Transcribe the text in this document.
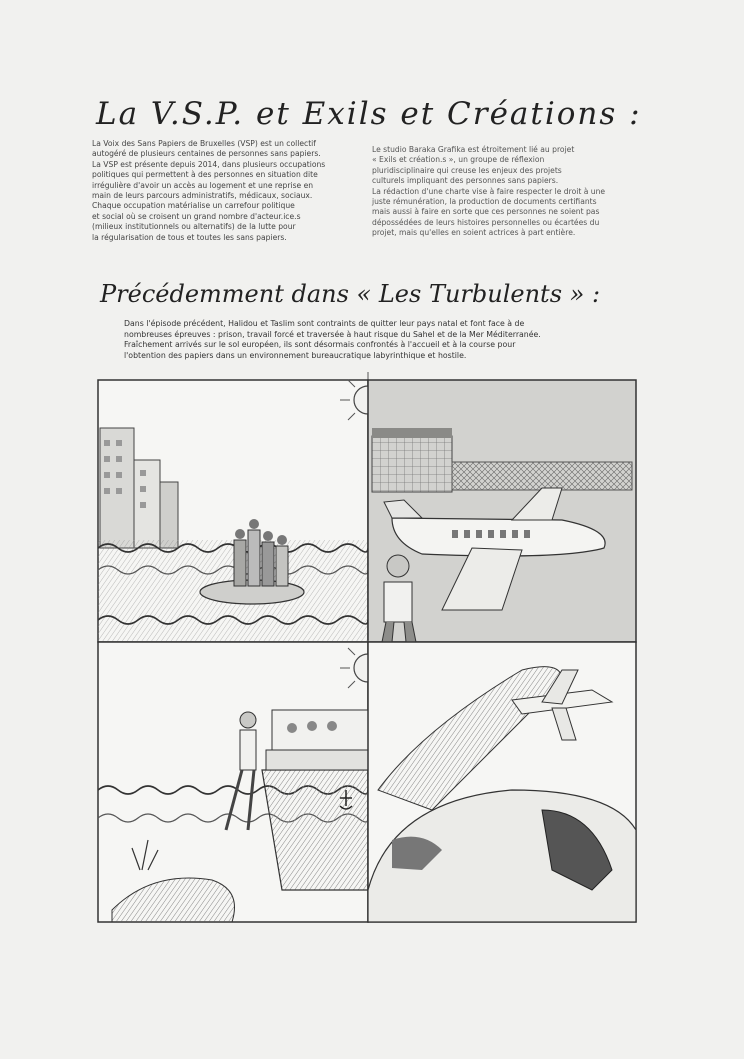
La V.S.P. et Exils et Créations :

La Voix des Sans Papiers de Bruxelles (VSP) est un collectif

autogéré de plusieurs centaines de personnes sans papiers.

La VSP est présente depuis 2014, dans plusieurs occupations

politiques qui permettent à des personnes en situation dite

irrégulière d'avoir un accès au logement et une reprise en

main de leurs parcours administratifs, médicaux, sociaux.

Chaque occupation matérialise un carrefour politique

et social où se croisent un grand nombre d'acteur.ice.s

(milieux institutionnels ou alternatifs) de la lutte pour

la régularisation de tous et toutes les sans papiers.

Le studio Baraka Grafika est étroitement lié au projet

« Exils et création.s », un groupe de réflexion

pluridisciplinaire qui creuse les enjeux des projets

culturels impliquant des personnes sans papiers.

La rédaction d'une charte vise à faire respecter le droit à une

juste rémunération, la production de documents certifiants

mais aussi à faire en sorte que ces personnes ne soient pas

dépossédées de leurs histoires personnelles ou écartées du

projet, mais qu'elles en soient actrices à part entière.

Précédemment dans « Les Turbulents » :

Dans l'épisode précédent, Halidou et Taslim sont contraints de quitter leur pays natal et font face à de

nombreuses épreuves : prison, travail forcé et traversée à haut risque du Sahel et de la Mer Méditerranée.

Fraîchement arrivés sur le sol européen, ils sont désormais confrontés à l'accueil et à la course pour

l'obtention des papiers dans un environnement bureaucratique labyrinthique et hostile.
